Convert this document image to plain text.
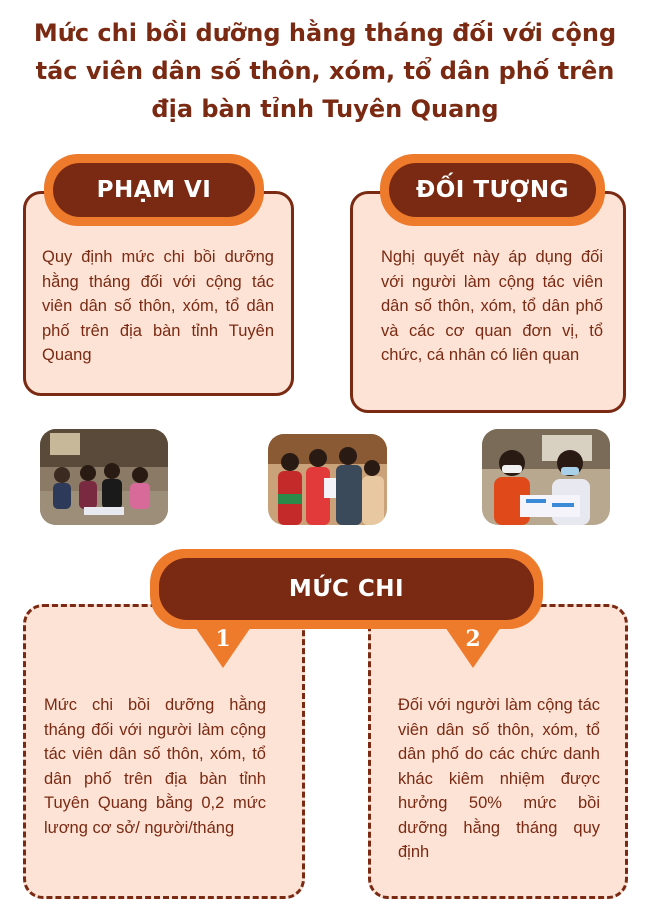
Mức chi bồi dưỡng hằng tháng đối với cộng tác viên dân số thôn, xóm, tổ dân phố trên địa bàn tỉnh Tuyên Quang
PHẠM VI
Quy định mức chi bồi dưỡng hằng tháng đối với cộng tác viên dân số thôn, xóm, tổ dân phố trên địa bàn tỉnh Tuyên Quang
ĐỐI TƯỢNG
Nghị quyết này áp dụng đối với người làm cộng tác viên dân số thôn, xóm, tổ dân phố và các cơ quan đơn vị, tổ chức, cá nhân có liên quan
MỨC CHI
1	2
Mức chi bồi dưỡng hằng tháng đối với người làm cộng tác viên dân số thôn, xóm, tổ dân phố trên địa bàn tỉnh Tuyên Quang bằng 0,2 mức lương cơ sở/ người/tháng
Đối với người làm cộng tác viên dân số thôn, xóm, tổ dân phố do các chức danh khác kiêm nhiệm được hưởng 50% mức bồi dưỡng hằng tháng quy định
